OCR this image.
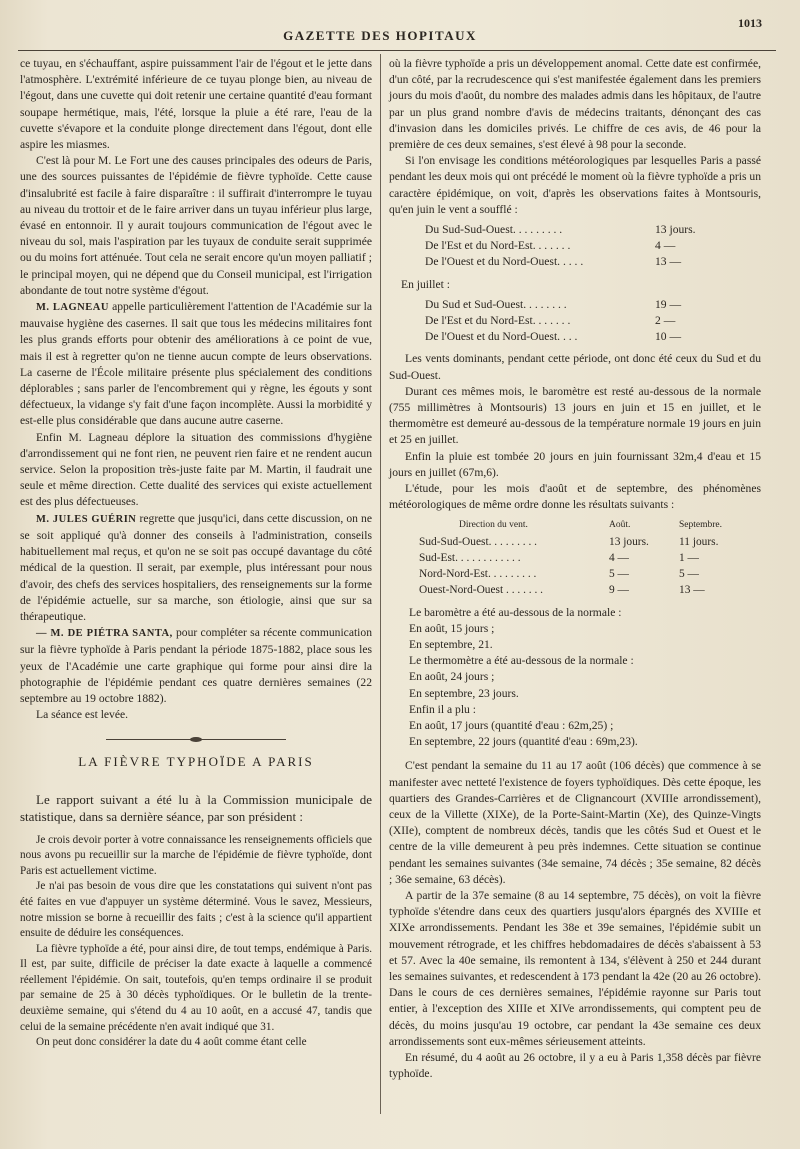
GAZETTE DES HOPITAUX
1013

ce tuyau, en s'échauffant, aspire puissamment l'air de l'égout et le jette dans l'atmosphère. L'extrémité inférieure de ce tuyau plonge bien, au niveau de l'égout, dans une cuvette qui doit retenir une certaine quantité d'eau formant soupape hermétique, mais, l'été, lorsque la pluie a été rare, l'eau de la cuvette s'évapore et la conduite plonge directement dans l'égout, dont elle aspire les miasmes.

C'est là pour M. Le Fort une des causes principales des odeurs de Paris, une des sources puissantes de l'épidémie de fièvre typhoïde. Cette cause d'insalubrité est facile à faire disparaître : il suffirait d'interrompre le tuyau au niveau du trottoir et de le faire arriver dans un tuyau inférieur plus large, évasé en entonnoir. Il y aurait toujours communication de l'égout avec le niveau du sol, mais l'aspiration par les tuyaux de conduite serait supprimée ou du moins fort atténuée. Tout cela ne serait encore qu'un moyen palliatif ; le principal moyen, qui ne dépend que du Conseil municipal, est l'irrigation abondante de tout notre système d'égout.

M. LAGNEAU appelle particulièrement l'attention de l'Académie sur la mauvaise hygiène des casernes. Il sait que tous les médecins militaires font les plus grands efforts pour obtenir des améliorations à ce point de vue, mais il est à regretter qu'on ne tienne aucun compte de leurs observations. La caserne de l'École militaire présente plus spécialement des conditions déplorables ; sans parler de l'encombrement qui y règne, les égouts y sont défectueux, la vidange s'y fait d'une façon incomplète. Aussi la morbidité y est-elle plus considérable que dans aucune autre caserne.

Enfin M. Lagneau déplore la situation des commissions d'hygiène d'arrondissement qui ne font rien, ne peuvent rien faire et ne rendent aucun service. Selon la proposition très-juste faite par M. Martin, il faudrait une seule et même direction. Cette dualité des services qui existe actuellement est des plus défectueuses.

M. JULES GUÉRIN regrette que jusqu'ici, dans cette discussion, on ne se soit appliqué qu'à donner des conseils à l'administration, conseils habituellement mal reçus, et qu'on ne se soit pas occupé davantage du côté médical de la question. Il serait, par exemple, plus intéressant pour nous d'avoir, des chefs des services hospitaliers, des renseignements sur la forme de l'épidémie actuelle, sur sa marche, son étiologie, ainsi que sur sa thérapeutique.

— M. DE PIÉTRA SANTA, pour compléter sa récente communication sur la fièvre typhoïde à Paris pendant la période 1875-1882, place sous les yeux de l'Académie une carte graphique qui forme pour ainsi dire la photographie de l'épidémie pendant ces quatre dernières semaines (22 septembre au 19 octobre 1882).

La séance est levée.

LA FIÈVRE TYPHOÏDE A PARIS

Le rapport suivant a été lu à la Commission municipale de statistique, dans sa dernière séance, par son président :

Je crois devoir porter à votre connaissance les renseignements officiels que nous avons pu recueillir sur la marche de l'épidémie de fièvre typhoïde, dont Paris est actuellement victime.

Je n'ai pas besoin de vous dire que les constatations qui suivent n'ont pas été faites en vue d'appuyer un système déterminé. Vous le savez, Messieurs, notre mission se borne à recueillir des faits ; c'est à la science qu'il appartient ensuite de déduire les conséquences.

La fièvre typhoïde a été, pour ainsi dire, de tout temps, endémique à Paris. Il est, par suite, difficile de préciser la date exacte à laquelle a commencé réellement l'épidémie. On sait, toutefois, qu'en temps ordinaire il se produit par semaine de 25 à 30 décès typhoïdiques. Or le bulletin de la trente-deuxième semaine, qui s'étend du 4 au 10 août, en a accusé 47, tandis que celui de la semaine précédente n'en avait indiqué que 31.

On peut donc considérer la date du 4 août comme étant celle

où la fièvre typhoïde a pris un développement anomal. Cette date est confirmée, d'un côté, par la recrudescence qui s'est manifestée également dans les premiers jours du mois d'août, du nombre des malades admis dans les hôpitaux, de l'autre par un plus grand nombre d'avis de médecins traitants, dénonçant des cas d'invasion dans les domiciles privés. Le chiffre de ces avis, de 46 pour la première de ces deux semaines, s'est élevé à 98 pour la seconde.

Si l'on envisage les conditions météorologiques par lesquelles Paris a passé pendant les deux mois qui ont précédé le moment où la fièvre typhoïde a pris un caractère épidémique, on voit, d'après les observations faites à Montsouris, qu'en juin le vent a soufflé :

Du Sud-Sud-Ouest. . . . . . . . .	13 jours.
De l'Est et du Nord-Est. . . . . . .	4 —
De l'Ouest et du Nord-Ouest. . . . .	13 —

En juillet :

Du Sud et Sud-Ouest. . . . . . . .	19 —
De l'Est et du Nord-Est. . . . . . .	2 —
De l'Ouest et du Nord-Ouest. . . .	10 —

Les vents dominants, pendant cette période, ont donc été ceux du Sud et du Sud-Ouest.

Durant ces mêmes mois, le baromètre est resté au-dessous de la normale (755 millimètres à Montsouris) 13 jours en juin et 15 en juillet, et le thermomètre est demeuré au-dessous de la température normale 19 jours en juin et 25 en juillet.

Enfin la pluie est tombée 20 jours en juin fournissant 32m,4 d'eau et 15 jours en juillet (67m,6).

L'étude, pour les mois d'août et de septembre, des phénomènes météorologiques de même ordre donne les résultats suivants :

Direction du vent.	Août.	Septembre.
Sud-Sud-Ouest. . . . . . . . .	13 jours.	11 jours.
Sud-Est. . . . . . . . . . . .	4 —	1 —
Nord-Nord-Est. . . . . . . . .	5 —	5 —
Ouest-Nord-Ouest . . . . . . .	9 —	13 —
Le baromètre a été au-dessous de la normale :
En août, 15 jours ;
En septembre, 21.
Le thermomètre a été au-dessous de la normale :
En août, 24 jours ;
En septembre, 23 jours.
Enfin il a plu :
En août, 17 jours (quantité d'eau : 62m,25) ;
En septembre, 22 jours (quantité d'eau : 69m,23).

C'est pendant la semaine du 11 au 17 août (106 décès) que commence à se manifester avec netteté l'existence de foyers typhoïdiques. Dès cette époque, les quartiers des Grandes-Carrières et de Clignancourt (XVIIIe arrondissement), ceux de la Villette (XIXe), de la Porte-Saint-Martin (Xe), des Quinze-Vingts (XIIe), comptent de nombreux décès, tandis que les côtés Sud et Ouest et le centre de la ville demeurent à peu près indemnes. Cette situation se continue pendant les semaines suivantes (34e semaine, 74 décès ; 35e semaine, 82 décès ; 36e semaine, 63 décès).

A partir de la 37e semaine (8 au 14 septembre, 75 décès), on voit la fièvre typhoïde s'étendre dans ceux des quartiers jusqu'alors épargnés des XVIIIe et XIXe arrondissements. Pendant les 38e et 39e semaines, l'épidémie subit un mouvement rétrograde, et les chiffres hebdomadaires de décès s'abaissent à 53 et 57. Avec la 40e semaine, ils remontent à 134, s'élèvent à 250 et 244 durant les semaines suivantes, et redescendent à 173 pendant la 42e (20 au 26 octobre). Dans le cours de ces dernières semaines, l'épidémie rayonne sur Paris tout entier, à l'exception des XIIIe et XIVe arrondissements, qui comptent peu de décès, du moins jusqu'au 19 octobre, car pendant la 43e semaine ces deux arrondissements sont eux-mêmes sérieusement atteints.

En résumé, du 4 août au 26 octobre, il y a eu à Paris 1,358 décès par fièvre typhoïde.
